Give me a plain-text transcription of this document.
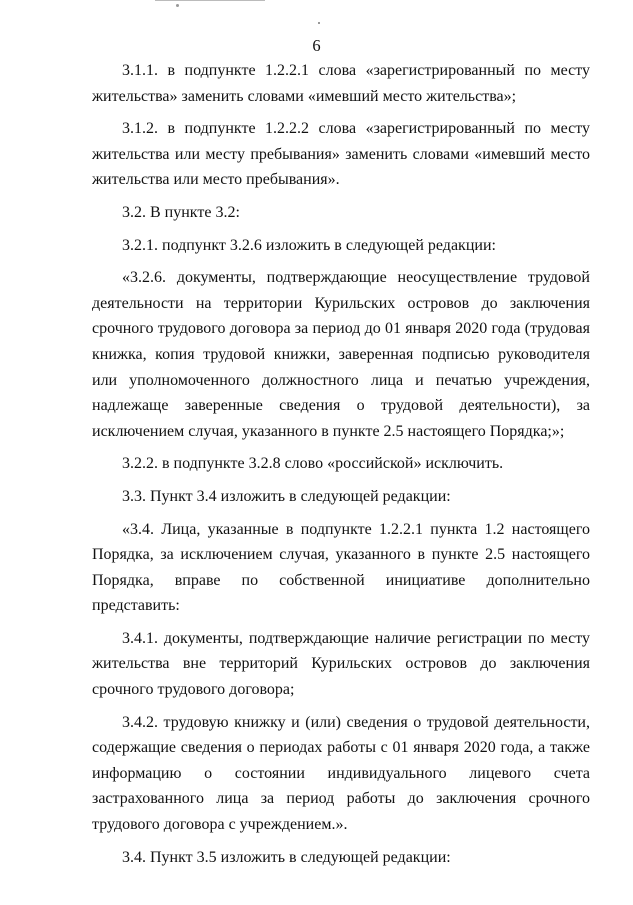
6

3.1.1. в подпункте 1.2.2.1 слова «зарегистрированный по месту жительства» заменить словами «имевший место жительства»;

3.1.2. в подпункте 1.2.2.2 слова «зарегистрированный по месту жительства или месту пребывания» заменить словами «имевший место жительства или место пребывания».

3.2. В пункте 3.2:

3.2.1. подпункт 3.2.6 изложить в следующей редакции:

«3.2.6. документы, подтверждающие неосуществление трудовой деятельности на территории Курильских островов до заключения срочного трудового договора за период до 01 января 2020 года (трудовая книжка, копия трудовой книжки, заверенная подписью руководителя или уполномоченного должностного лица и печатью учреждения, надлежаще заверенные сведения о трудовой деятельности), за исключением случая, указанного в пункте 2.5 настоящего Порядка;»;

3.2.2. в подпункте 3.2.8 слово «российской» исключить.

3.3. Пункт 3.4 изложить в следующей редакции:

«3.4. Лица, указанные в подпункте 1.2.2.1 пункта 1.2 настоящего Порядка, за исключением случая, указанного в пункте 2.5 настоящего Порядка, вправе по собственной инициативе дополнительно представить:

3.4.1. документы, подтверждающие наличие регистрации по месту жительства вне территорий Курильских островов до заключения срочного трудового договора;

3.4.2. трудовую книжку и (или) сведения о трудовой деятельности, содержащие сведения о периодах работы с 01 января 2020 года, а также информацию о состоянии индивидуального лицевого счета застрахованного лица за период работы до заключения срочного трудового договора с учреждением.».

3.4. Пункт 3.5 изложить в следующей редакции:
